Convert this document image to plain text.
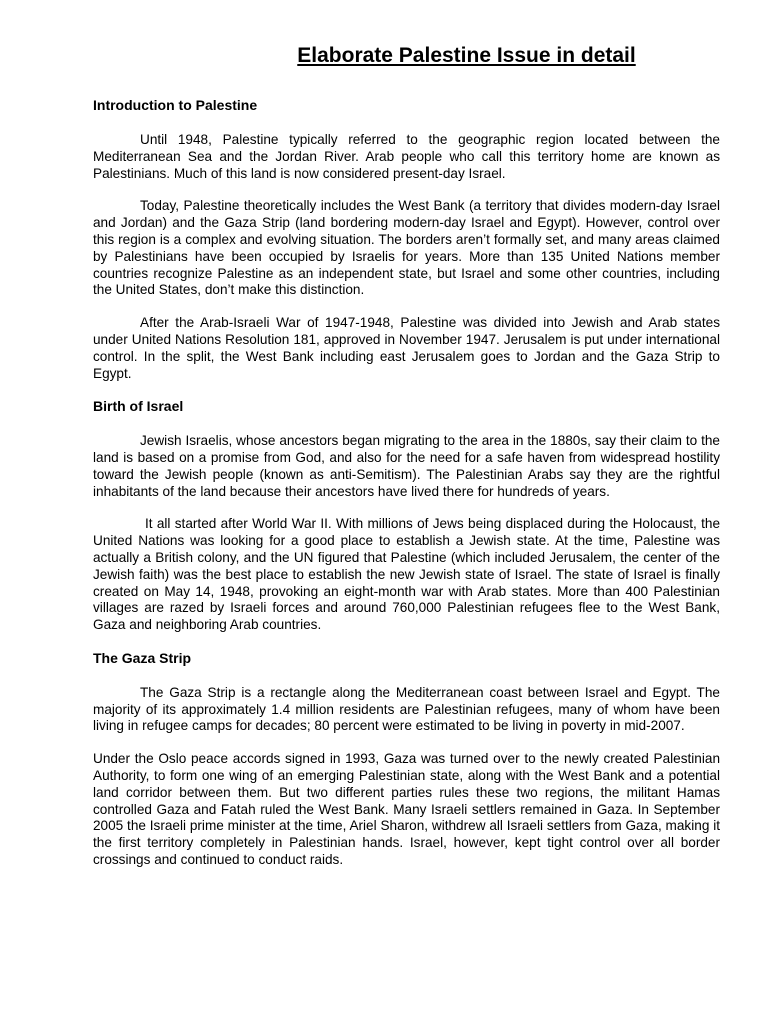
Elaborate Palestine Issue in detail
Introduction to Palestine

Until 1948, Palestine typically referred to the geographic region located between the Mediterranean Sea and the Jordan River. Arab people who call this territory home are known as Palestinians. Much of this land is now considered present-day Israel.

Today, Palestine theoretically includes the West Bank (a territory that divides modern-day Israel and Jordan) and the Gaza Strip (land bordering modern-day Israel and Egypt). However, control over this region is a complex and evolving situation. The borders aren’t formally set, and many areas claimed by Palestinians have been occupied by Israelis for years. More than 135 United Nations member countries recognize Palestine as an independent state, but Israel and some other countries, including the United States, don’t make this distinction.

After the Arab-Israeli War of 1947-1948, Palestine was divided into Jewish and Arab states under United Nations Resolution 181, approved in November 1947. Jerusalem is put under international control. In the split, the West Bank including east Jerusalem goes to Jordan and the Gaza Strip to Egypt.

Birth of Israel

Jewish Israelis, whose ancestors began migrating to the area in the 1880s, say their claim to the land is based on a promise from God, and also for the need for a safe haven from widespread hostility toward the Jewish people (known as anti-Semitism). The Palestinian Arabs say they are the rightful inhabitants of the land because their ancestors have lived there for hundreds of years.

It all started after World War II. With millions of Jews being displaced during the Holocaust, the United Nations was looking for a good place to establish a Jewish state. At the time, Palestine was actually a British colony, and the UN figured that Palestine (which included Jerusalem, the center of the Jewish faith) was the best place to establish the new Jewish state of Israel. The state of Israel is finally created on May 14, 1948, provoking an eight-month war with Arab states. More than 400 Palestinian villages are razed by Israeli forces and around 760,000 Palestinian refugees flee to the West Bank, Gaza and neighboring Arab countries.

The Gaza Strip

The Gaza Strip is a rectangle along the Mediterranean coast between Israel and Egypt. The majority of its approximately 1.4 million residents are Palestinian refugees, many of whom have been living in refugee camps for decades; 80 percent were estimated to be living in poverty in mid-2007.

Under the Oslo peace accords signed in 1993, Gaza was turned over to the newly created Palestinian Authority, to form one wing of an emerging Palestinian state, along with the West Bank and a potential land corridor between them. But two different parties rules these two regions, the militant Hamas controlled Gaza and Fatah ruled the West Bank. Many Israeli settlers remained in Gaza. In September 2005 the Israeli prime minister at the time, Ariel Sharon, withdrew all Israeli settlers from Gaza, making it the first territory completely in Palestinian hands. Israel, however, kept tight control over all border crossings and continued to conduct raids.
